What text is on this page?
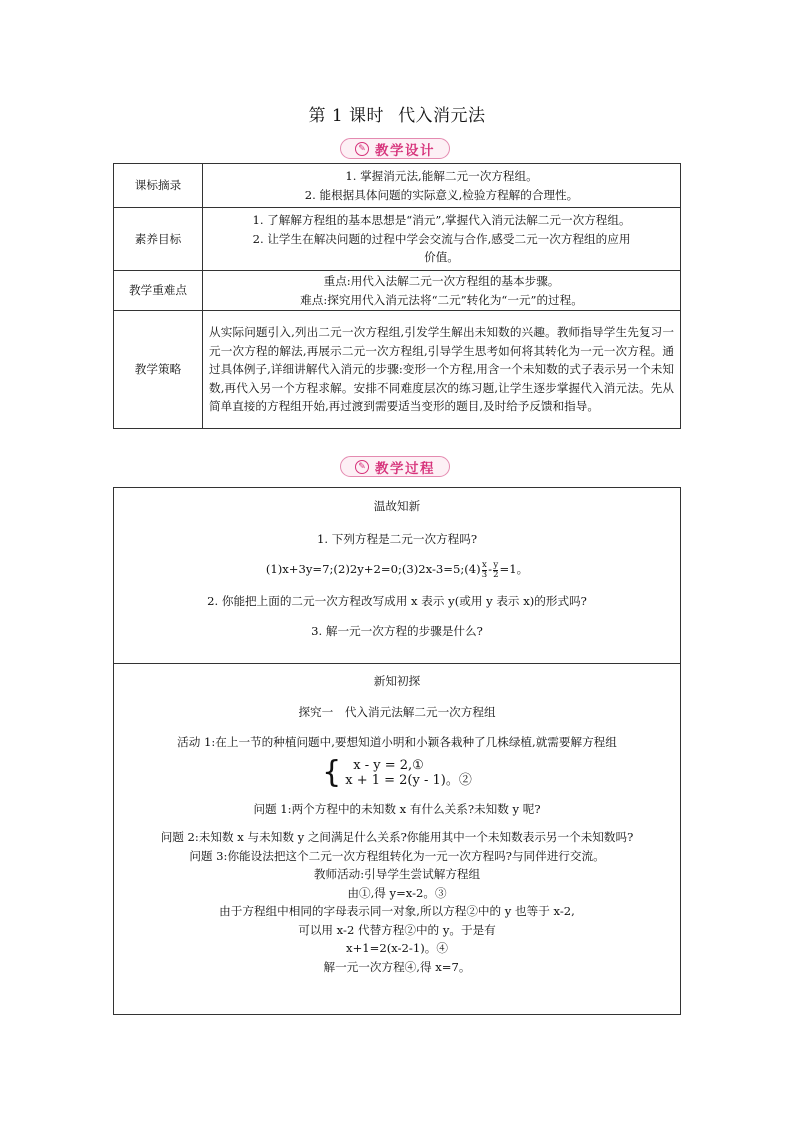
第 1 课时 代入消元法
✎ 教学设计
课标摘录	1. 掌握消元法,能解二元一次方程组。
2. 能根据具体问题的实际意义,检验方程解的合理性。

素养目标	1. 了解解方程组的基本思想是“消元”,掌握代入消元法解二元一次方程组。
2. 让学生在解决问题的过程中学会交流与合作,感受二元一次方程组的应用
价值。

教学重难点	重点:用代入法解二元一次方程组的基本步骤。
难点:探究用代入消元法将“二元”转化为“一元”的过程。

教学策略	从实际问题引入,列出二元一次方程组,引发学生解出未知数的兴趣。教师指导学生先复习一元一次方程的解法,再展示二元一次方程组,引导学生思考如何将其转化为一元一次方程。通过具体例子,详细讲解代入消元的步骤:变形一个方程,用含一个未知数的式子表示另一个未知数,再代入另一个方程求解。安排不同难度层次的练习题,让学生逐步掌握代入消元法。先从简单直接的方程组开始,再过渡到需要适当变形的题目,及时给予反馈和指导。
✎ 教学过程
温故知新
1. 下列方程是二元一次方程吗?
(1)x+3y=7;(2)2y+2=0;(3)2x-3=5;(4) $\frac{x}{3} - \frac{y}{2} =1$。
2. 你能把上面的二元一次方程改写成用 x 表示 y(或用 y 表示 x)的形式吗?
3. 解一元一次方程的步骤是什么?

新知初探
探究一　代入消元法解二元一次方程组
活动 1:在上一节的种植问题中,要想知道小明和小颖各栽种了几株绿植,就需要解方程组
{ x - y = 2,①
x + 1 = 2(y - 1)。②
问题 1:两个方程中的未知数 x 有什么关系?未知数 y 呢?
问题 2:未知数 x 与未知数 y 之间满足什么关系?你能用其中一个未知数表示另一个未知数吗?
问题 3:你能设法把这个二元一次方程组转化为一元一次方程吗?与同伴进行交流。
教师活动:引导学生尝试解方程组
由①,得 y=x-2。③
由于方程组中相同的字母表示同一对象,所以方程②中的 y 也等于 x-2,
可以用 x-2 代替方程②中的 y。于是有
x+1=2(x-2-1)。④
解一元一次方程④,得 x=7。
